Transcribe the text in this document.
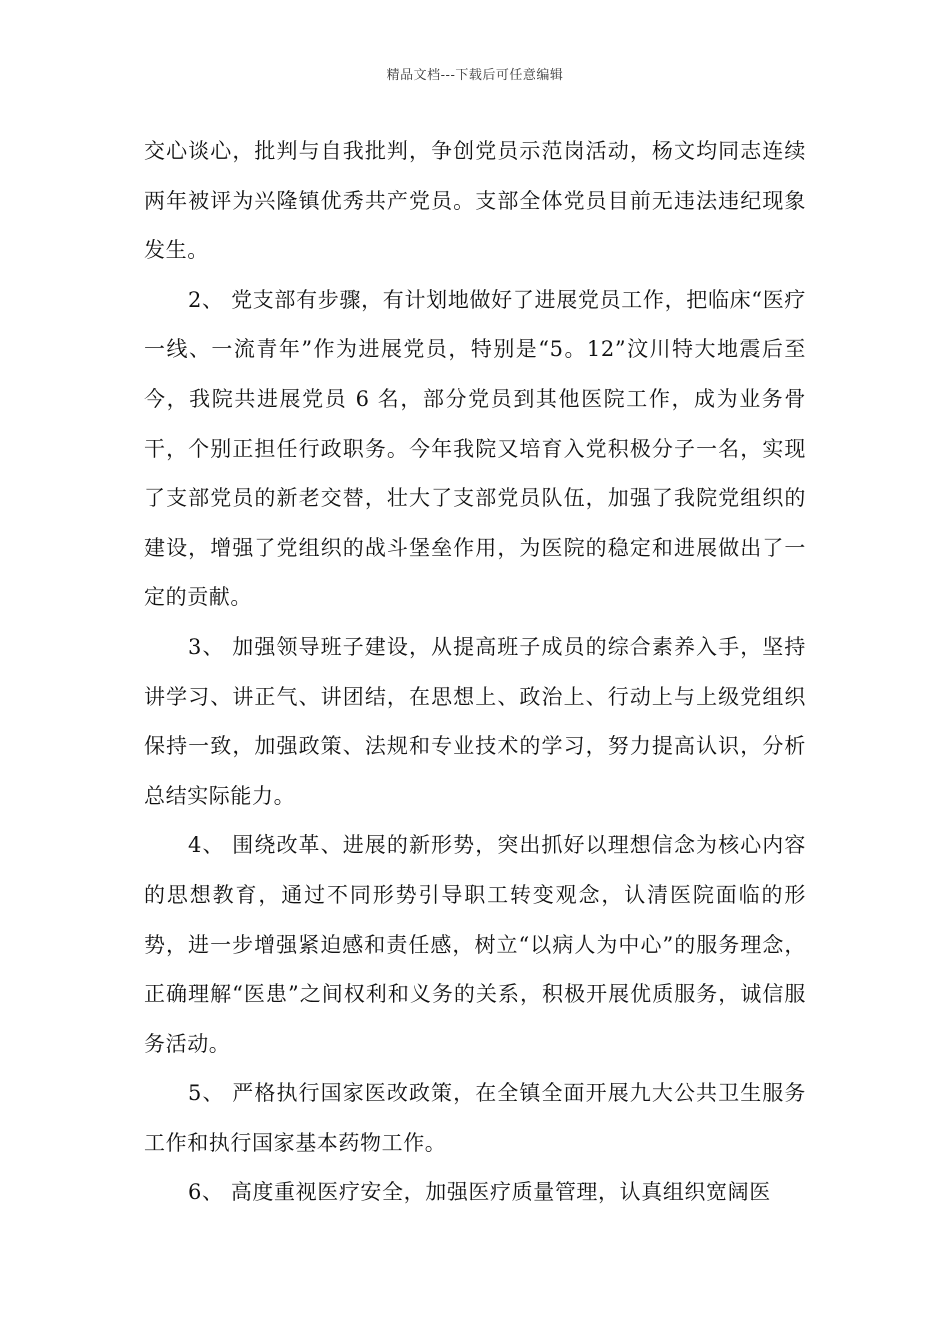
精品文档---下载后可任意编辑

交心谈心，批判与自我批判，争创党员示范岗活动，杨文均同志连续两年被评为兴隆镇优秀共产党员。支部全体党员目前无违法违纪现象发生。

2、 党支部有步骤，有计划地做好了进展党员工作，把临床“医疗一线、一流青年”作为进展党员，特别是“5。12”汶川特大地震后至今，我院共进展党员 6 名，部分党员到其他医院工作，成为业务骨干，个别正担任行政职务。今年我院又培育入党积极分子一名，实现了支部党员的新老交替，壮大了支部党员队伍，加强了我院党组织的建设，增强了党组织的战斗堡垒作用，为医院的稳定和进展做出了一定的贡献。

3、 加强领导班子建设，从提高班子成员的综合素养入手，坚持讲学习、讲正气、讲团结，在思想上、政治上、行动上与上级党组织保持一致，加强政策、法规和专业技术的学习，努力提高认识，分析总结实际能力。

4、 围绕改革、进展的新形势，突出抓好以理想信念为核心内容的思想教育，通过不同形势引导职工转变观念，认清医院面临的形势，进一步增强紧迫感和责任感，树立“以病人为中心”的服务理念，正确理解“医患”之间权利和义务的关系，积极开展优质服务，诚信服务活动。

5、 严格执行国家医改政策，在全镇全面开展九大公共卫生服务工作和执行国家基本药物工作。

6、 高度重视医疗安全，加强医疗质量管理，认真组织宽阔医
